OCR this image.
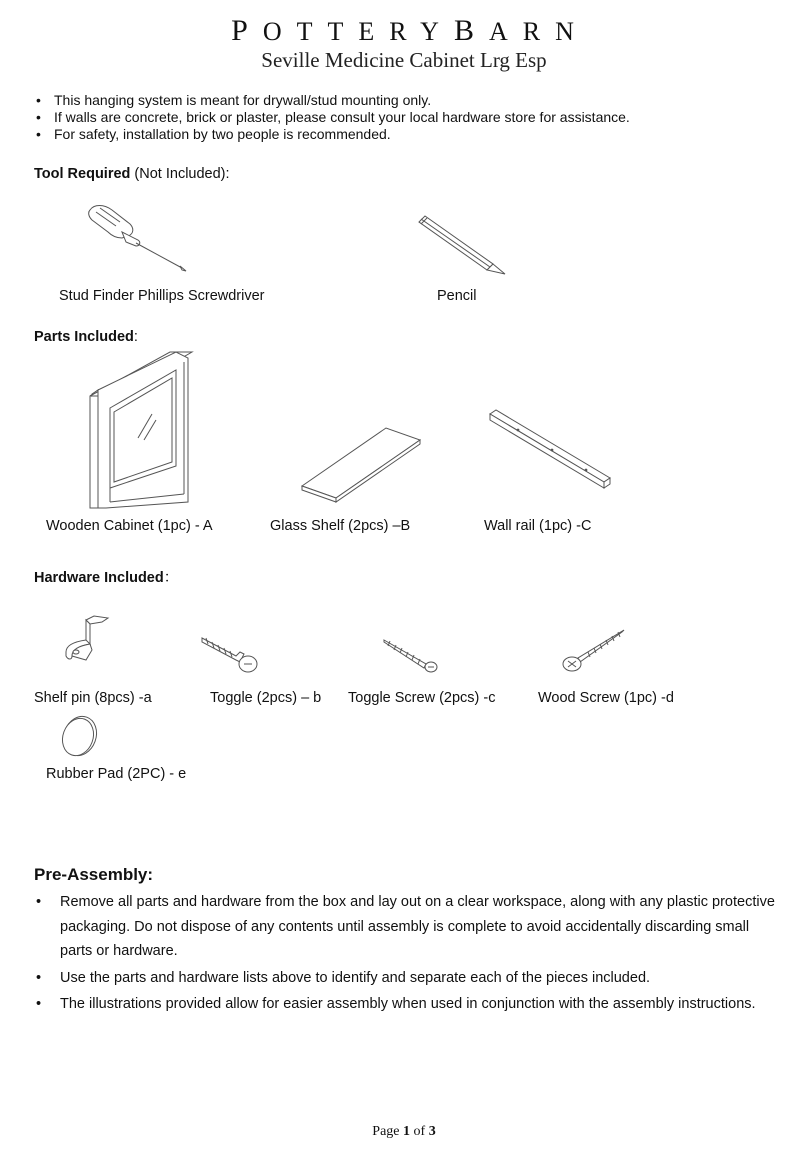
POTTERYBARN
Seville Medicine Cabinet Lrg Esp
• This hanging system is meant for drywall/stud mounting only.
• If walls are concrete, brick or plaster, please consult your local hardware store for assistance.
• For safety, installation by two people is recommended.
Tool Required (Not Included):
Stud Finder Phillips Screwdriver	Pencil
Parts Included:
Wooden Cabinet (1pc) - A	Glass Shelf (2pcs) –B	Wall rail (1pc) -C
Hardware Included：
Shelf pin (8pcs) -a	Toggle (2pcs) – b Toggle Screw (2pcs) -c	Wood Screw (1pc) -d
Rubber Pad (2PC) - e
Pre-Assembly:
• Remove all parts and hardware from the box and lay out on a clear workspace, along with any plastic protective packaging. Do not dispose of any contents until assembly is complete to avoid accidentally discarding small parts or hardware.
• Use the parts and hardware lists above to identify and separate each of the pieces included.
• The illustrations provided allow for easier assembly when used in conjunction with the assembly instructions.
Page 1 of 3
